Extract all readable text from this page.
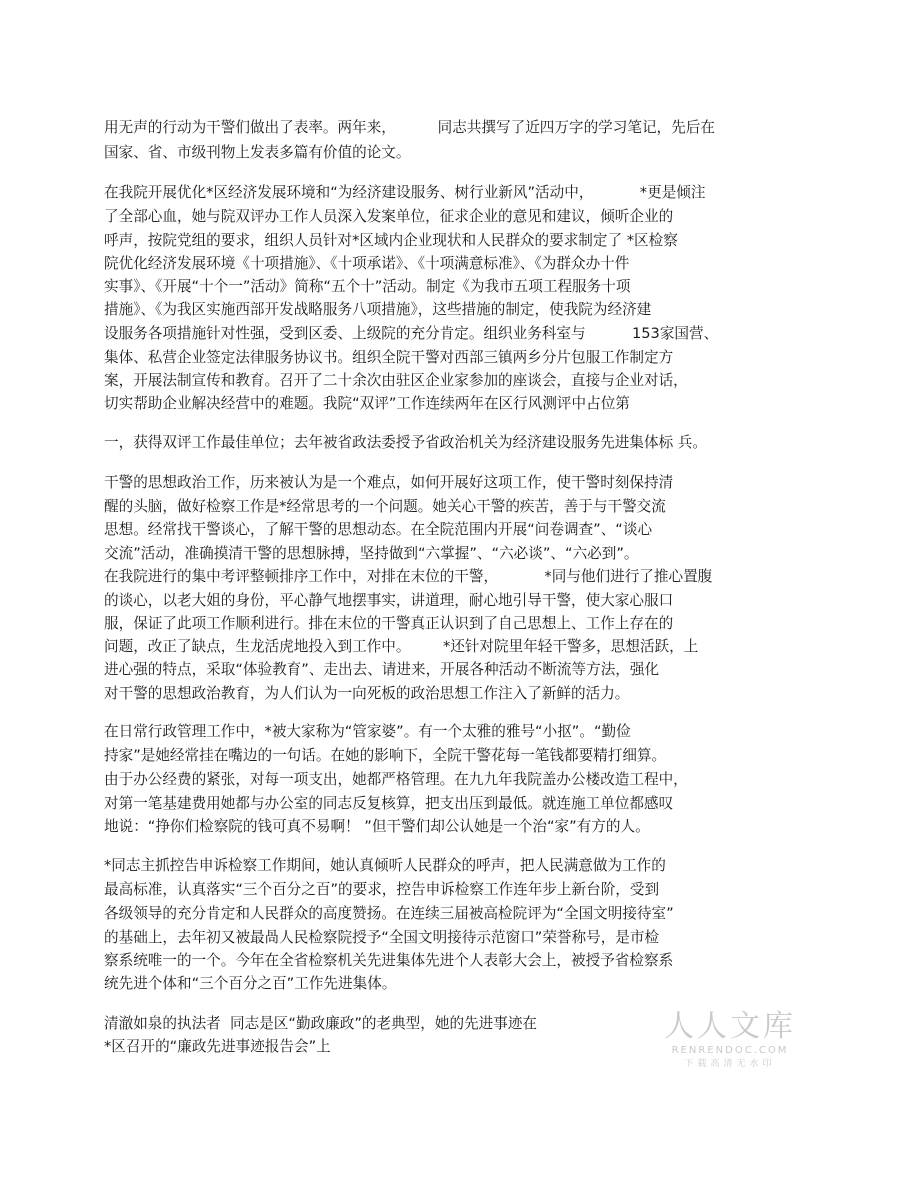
用无声的行动为干警们做出了表率。两年来，         同志共撰写了近四万字的学习笔记，先后在
国家、省、市级刊物上发表多篇有价值的论文。
在我院开展优化*区经济发展环境和“为经济建设服务、树行业新风”活动中，          *更是倾注
了全部心血，她与院双评办工作人员深入发案单位，征求企业的意见和建议，倾听企业的
呼声，按院党组的要求，组织人员针对*区域内企业现状和人民群众的要求制定了 *区检察
院优化经济发展环境《十项措施》、《十项承诺》、《十项满意标准》、《为群众办十件
实事》、《开展“十个一”活动》简称“五个十”活动。制定《为我市五项工程服务十项
措施》、《为我区实施西部开发战略服务八项措施》，这些措施的制定，使我院为经济建
设服务各项措施针对性强，受到区委、上级院的充分肯定。组织业务科室与          153家国营、
集体、私营企业签定法律服务协议书。组织全院干警对西部三镇两乡分片包服工作制定方
案，开展法制宣传和教育。召开了二十余次由驻区企业家参加的座谈会，直接与企业对话，
切实帮助企业解决经营中的难题。我院“双评”工作连续两年在区行风测评中占位第
一，获得双评工作最佳单位；去年被省政法委授予省政治机关为经济建设服务先进集体标 兵。
干警的思想政治工作，历来被认为是一个难点，如何开展好这项工作，使干警时刻保持清
醒的头脑，做好检察工作是*经常思考的一个问题。她关心干警的疾苦，善于与干警交流
思想。经常找干警谈心，了解干警的思想动态。在全院范围内开展“问卷调查”、“谈心
交流”活动，准确摸清干警的思想脉搏，坚持做到“六掌握”、“六必谈”、“六必到”。
在我院进行的集中考评整顿排序工作中，对排在末位的干警，          *同与他们进行了推心置腹
的谈心，以老大姐的身份，平心静气地摆事实，讲道理，耐心地引导干警，使大家心服口
服，保证了此项工作顺利进行。排在末位的干警真正认识到了自己思想上、工作上存在的
问题，改正了缺点，生龙活虎地投入到工作中。       *还针对院里年轻干警多，思想活跃，上
进心强的特点，采取“体验教育”、走出去、请进来，开展各种活动不断流等方法，强化
对干警的思想政治教育，为人们认为一向死板的政治思想工作注入了新鲜的活力。
在日常行政管理工作中，*被大家称为“管家婆”。有一个太雅的雅号“小抠”。“勤俭
持家”是她经常挂在嘴边的一句话。在她的影响下，全院干警花每一笔钱都要精打细算。
由于办公经费的紧张，对每一项支出，她都严格管理。在九九年我院盖办公楼改造工程中，
对第一笔基建费用她都与办公室的同志反复核算，把支出压到最低。就连施工单位都感叹
地说：“挣你们检察院的钱可真不易啊！ ”但干警们却公认她是一个治“家”有方的人。
*同志主抓控告申诉检察工作期间，她认真倾听人民群众的呼声，把人民满意做为工作的
最高标准，认真落实“三个百分之百”的要求，控告申诉检察工作连年步上新台阶，受到
各级领导的充分肯定和人民群众的高度赞扬。在连续三届被高检院评为“全国文明接待室”
的基础上，去年初又被最咼人民检察院授予“全国文明接待示范窗口”荣誉称号，是市检
察系统唯一的一个。今年在全省检察机关先进集体先进个人表彰大会上，被授予省检察系
统先进个体和“三个百分之百”工作先进集体。
清澈如泉的执法者  同志是区“勤政廉政”的老典型，她的先进事迹在
*区召开的“廉政先进事迹报告会”上
人人文库
RENRENDOC.COM
下载高清无水印
